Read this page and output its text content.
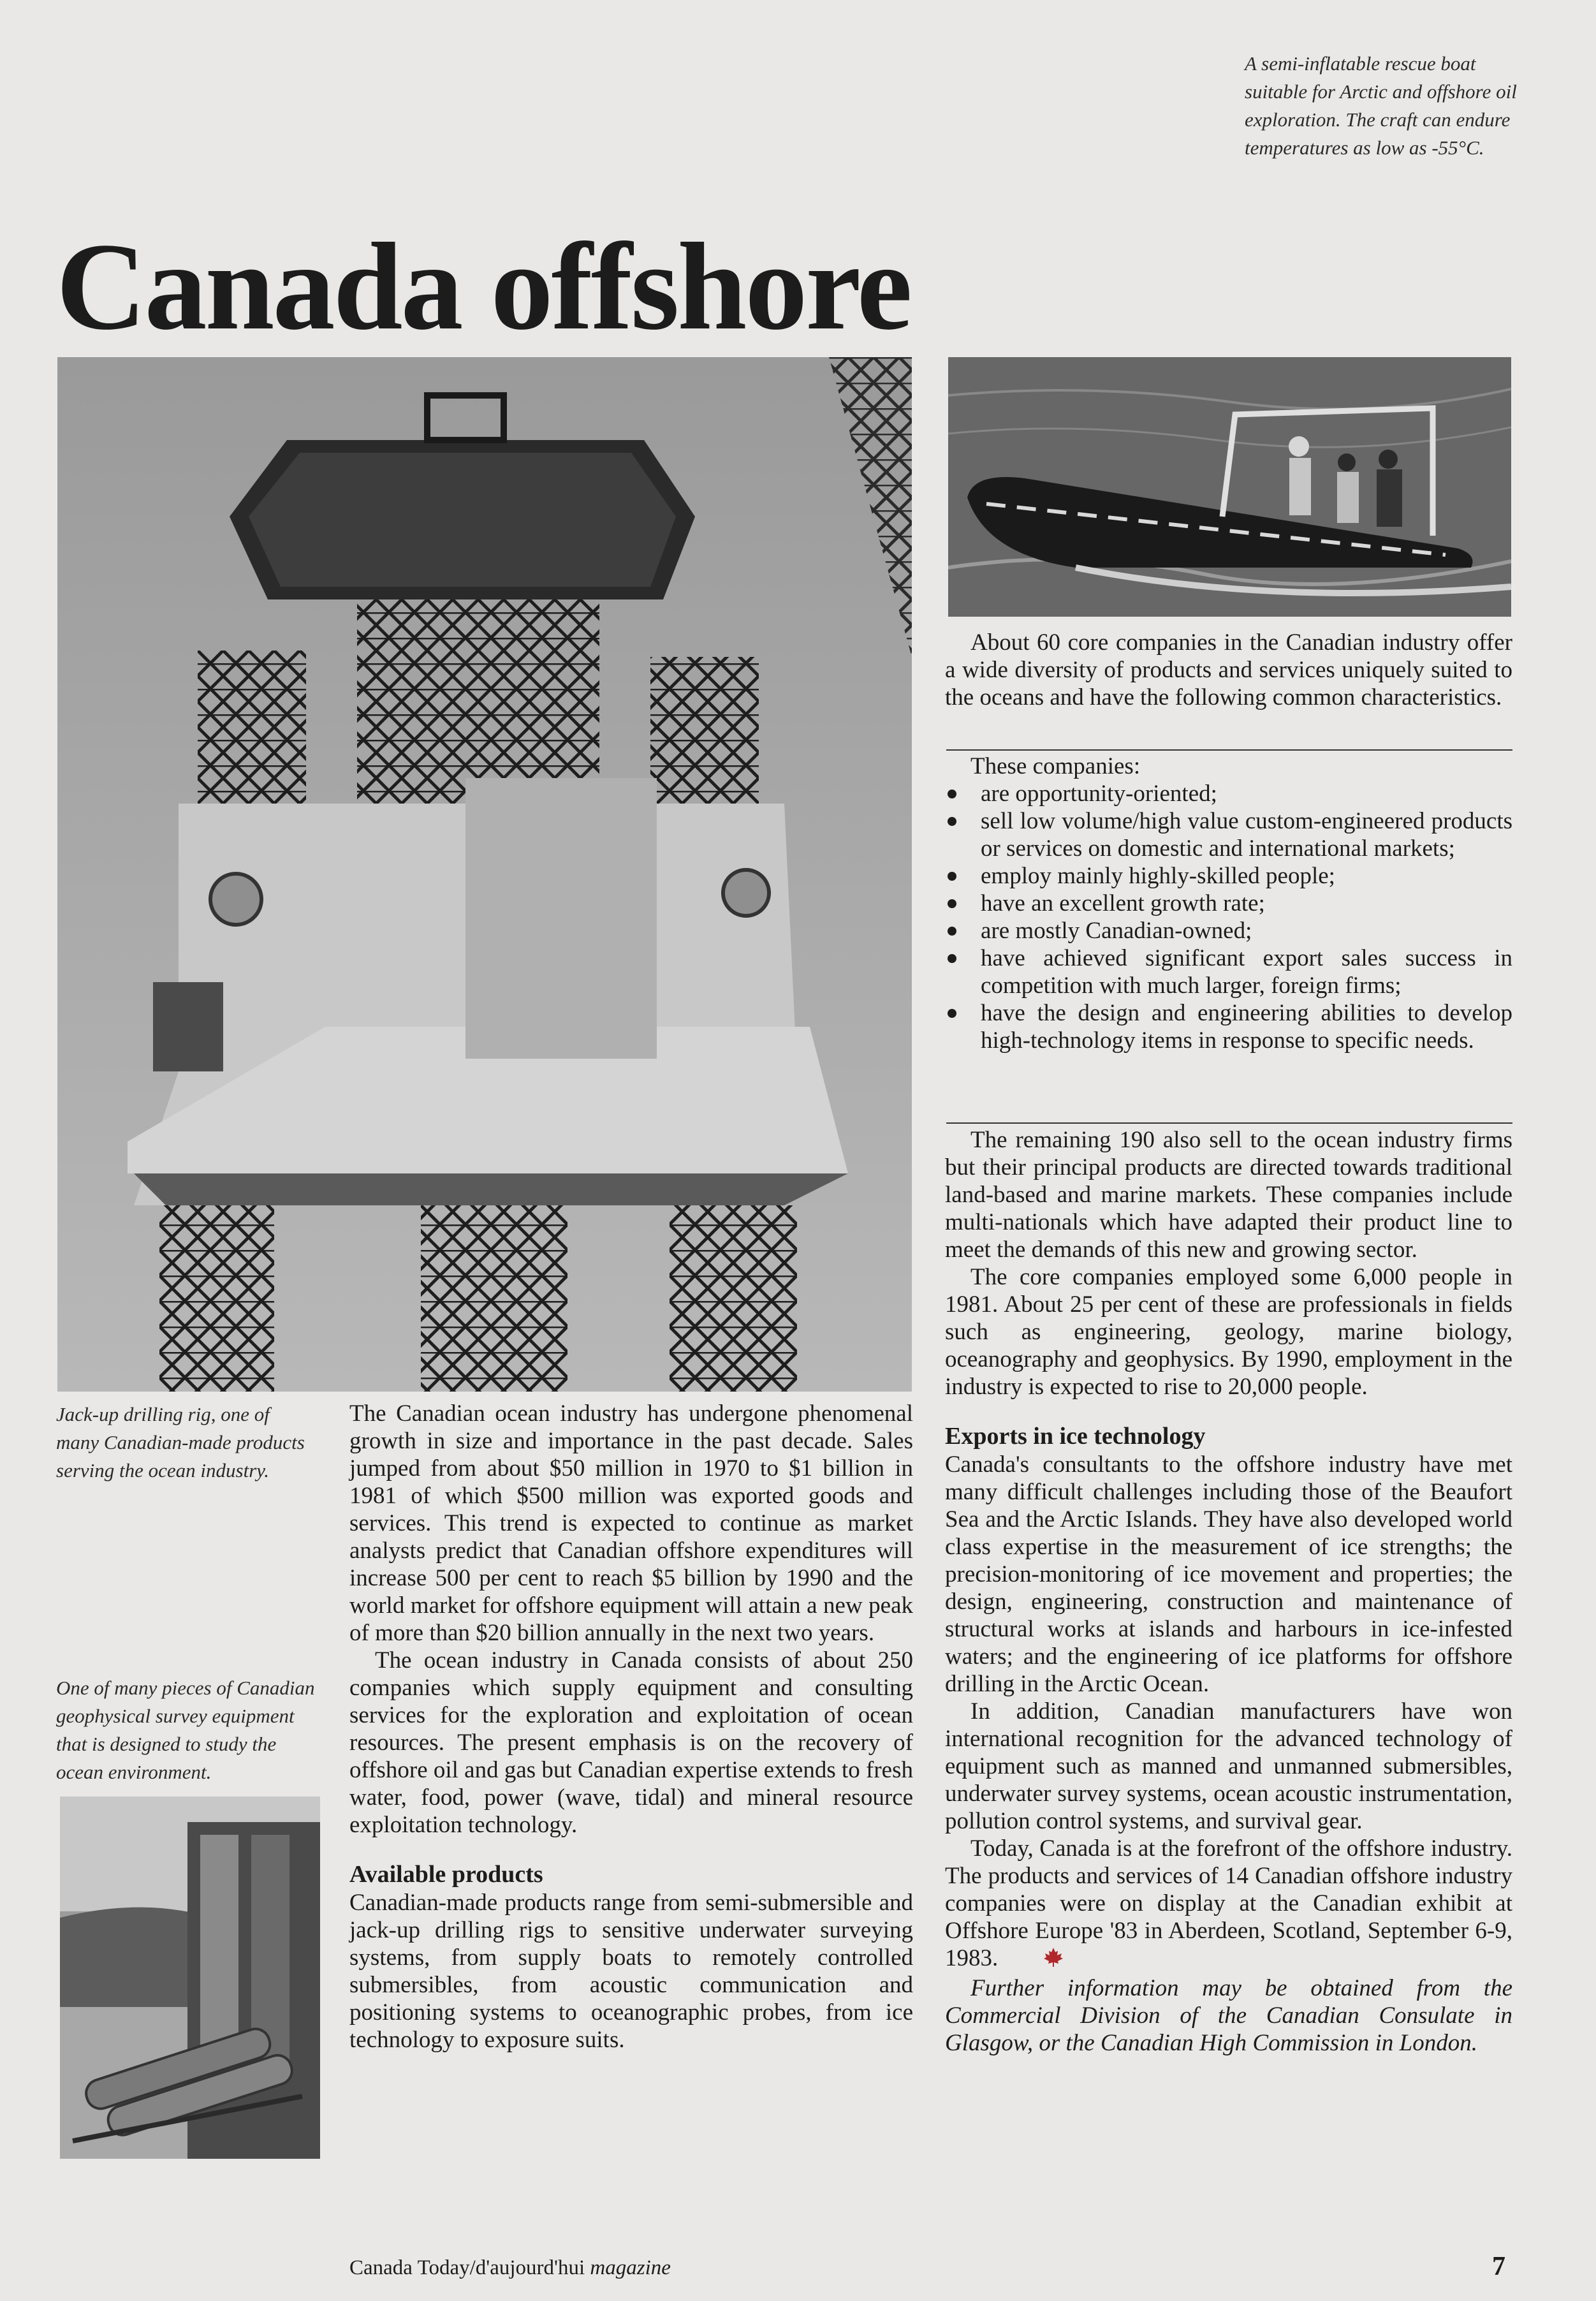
A semi-inflatable rescue boat suitable for Arctic and offshore oil exploration. The craft can endure temperatures as low as -55°C.
Canada offshore
Jack-up drilling rig, one of many Canadian-made products serving the ocean industry.
One of many pieces of Canadian geophysical survey equipment that is designed to study the ocean environment.

The Canadian ocean industry has undergone phenomenal growth in size and importance in the past decade. Sales jumped from about $50 million in 1970 to $1 billion in 1981 of which $500 million was exported goods and services. This trend is expected to continue as market analysts predict that Canadian offshore expenditures will increase 500 per cent to reach $5 billion by 1990 and the world market for offshore equipment will attain a new peak of more than $20 billion annually in the next two years.

The ocean industry in Canada consists of about 250 companies which supply equipment and consulting services for the exploration and exploitation of ocean resources. The present emphasis is on the recovery of offshore oil and gas but Canadian expertise extends to fresh water, food, power (wave, tidal) and mineral resource exploitation technology.

Available products

Canadian-made products range from semi-submersible and jack-up drilling rigs to sensitive underwater surveying systems, from supply boats to remotely controlled submersibles, from acoustic communication and positioning systems to oceanographic probes, from ice technology to exposure suits.

About 60 core companies in the Canadian industry offer a wide diversity of products and services uniquely suited to the oceans and have the following common characteristics.

These companies:

are opportunity-oriented;
sell low volume/high value custom-engineered products or services on domestic and international markets;
employ mainly highly-skilled people;
have an excellent growth rate;
are mostly Canadian-owned;
have achieved significant export sales success in competition with much larger, foreign firms;
have the design and engineering abilities to develop high-technology items in response to specific needs.

The remaining 190 also sell to the ocean industry firms but their principal products are directed towards traditional land-based and marine markets. These companies include multi-nationals which have adapted their product line to meet the demands of this new and growing sector.

The core companies employed some 6,000 people in 1981. About 25 per cent of these are professionals in fields such as engineering, geology, marine biology, oceanography and geophysics. By 1990, employment in the industry is expected to rise to 20,000 people.

Exports in ice technology

Canada's consultants to the offshore industry have met many difficult challenges including those of the Beaufort Sea and the Arctic Islands. They have also developed world class expertise in the measurement of ice strengths; the precision-monitoring of ice movement and properties; the design, engineering, construction and maintenance of structural works at islands and harbours in ice-infested waters; and the engineering of ice platforms for offshore drilling in the Arctic Ocean.

In addition, Canadian manufacturers have won international recognition for the advanced technology of equipment such as manned and unmanned submersibles, underwater survey systems, ocean acoustic instrumentation, pollution control systems, and survival gear.

Today, Canada is at the forefront of the offshore industry. The products and services of 14 Canadian offshore industry companies were on display at the Canadian exhibit at Offshore Europe '83 in Aberdeen, Scotland, September 6-9, 1983.

Further information may be obtained from the Commercial Division of the Canadian Consulate in Glasgow, or the Canadian High Commission in London.

Canada Today/d'aujourd'hui magazine	7
